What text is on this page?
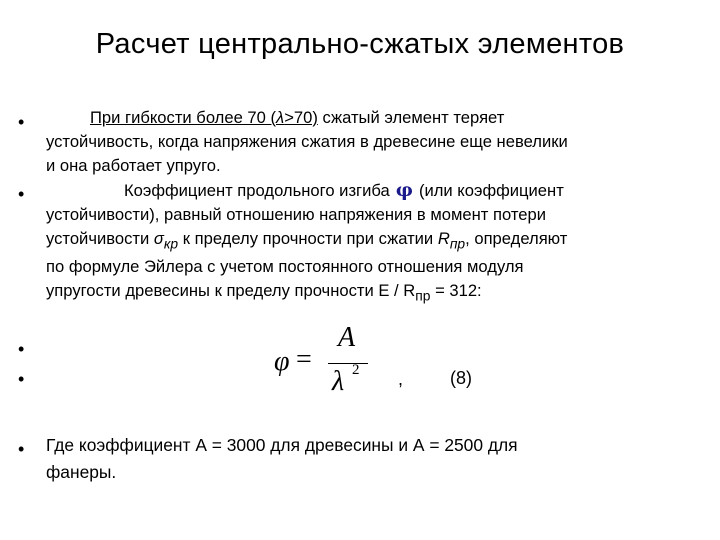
Расчет центрально-сжатых элементов
•	При гибкости более 70 (λ>70) сжатый элемент теряет
устойчивость, когда напряжения сжатия в древесине еще невелики
и она работает упруго.

•	Коэффициент продольного изгиба φ (или коэффициент
устойчивости), равный отношению напряжения в момент потери
устойчивости $\sigma_{кр}$ к пределу прочности при сжатии $R_{пр}$, определяют
по формуле Эйлера с учетом постоянного отношения модуля
упругости древесины к пределу прочности $E / R_{пр} = 312$:

•
•
φ =
A
λ 2 ,	(8)
• Где коэффициент А = 3000 для древесины и А = 2500 для
фанеры.
